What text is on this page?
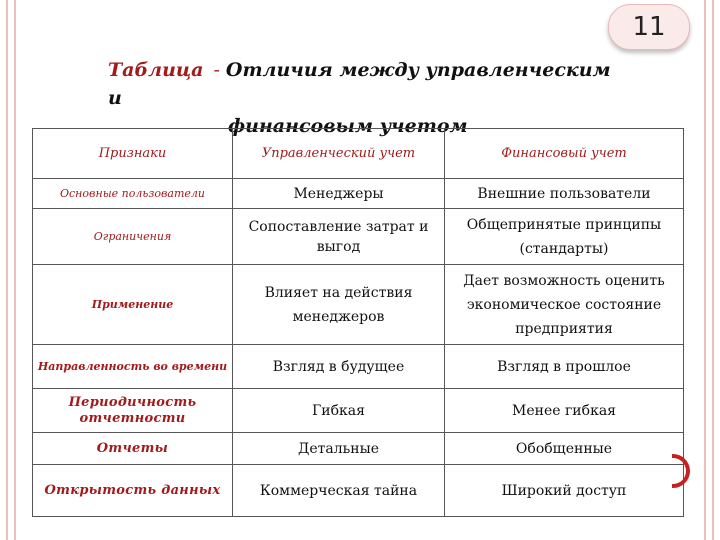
11
Таблица - Отличия между управленческим и
финансовым учетом
Признаки	Управленческий учет	Финансовый учет
Основные пользователи	Менеджеры	Внешние пользователи
Ограничения	Сопоставление затрат и выгод	Общепринятые принципы (стандарты)
Применение	Влияет на действия менеджеров	Дает возможность оценить экономическое состояние предприятия
Направленность во времени	Взгляд в будущее	Взгляд в прошлое
Периодичность отчетности	Гибкая	Менее гибкая
Отчеты	Детальные	Обобщенные
Открытость данных	Коммерческая тайна	Широкий доступ
